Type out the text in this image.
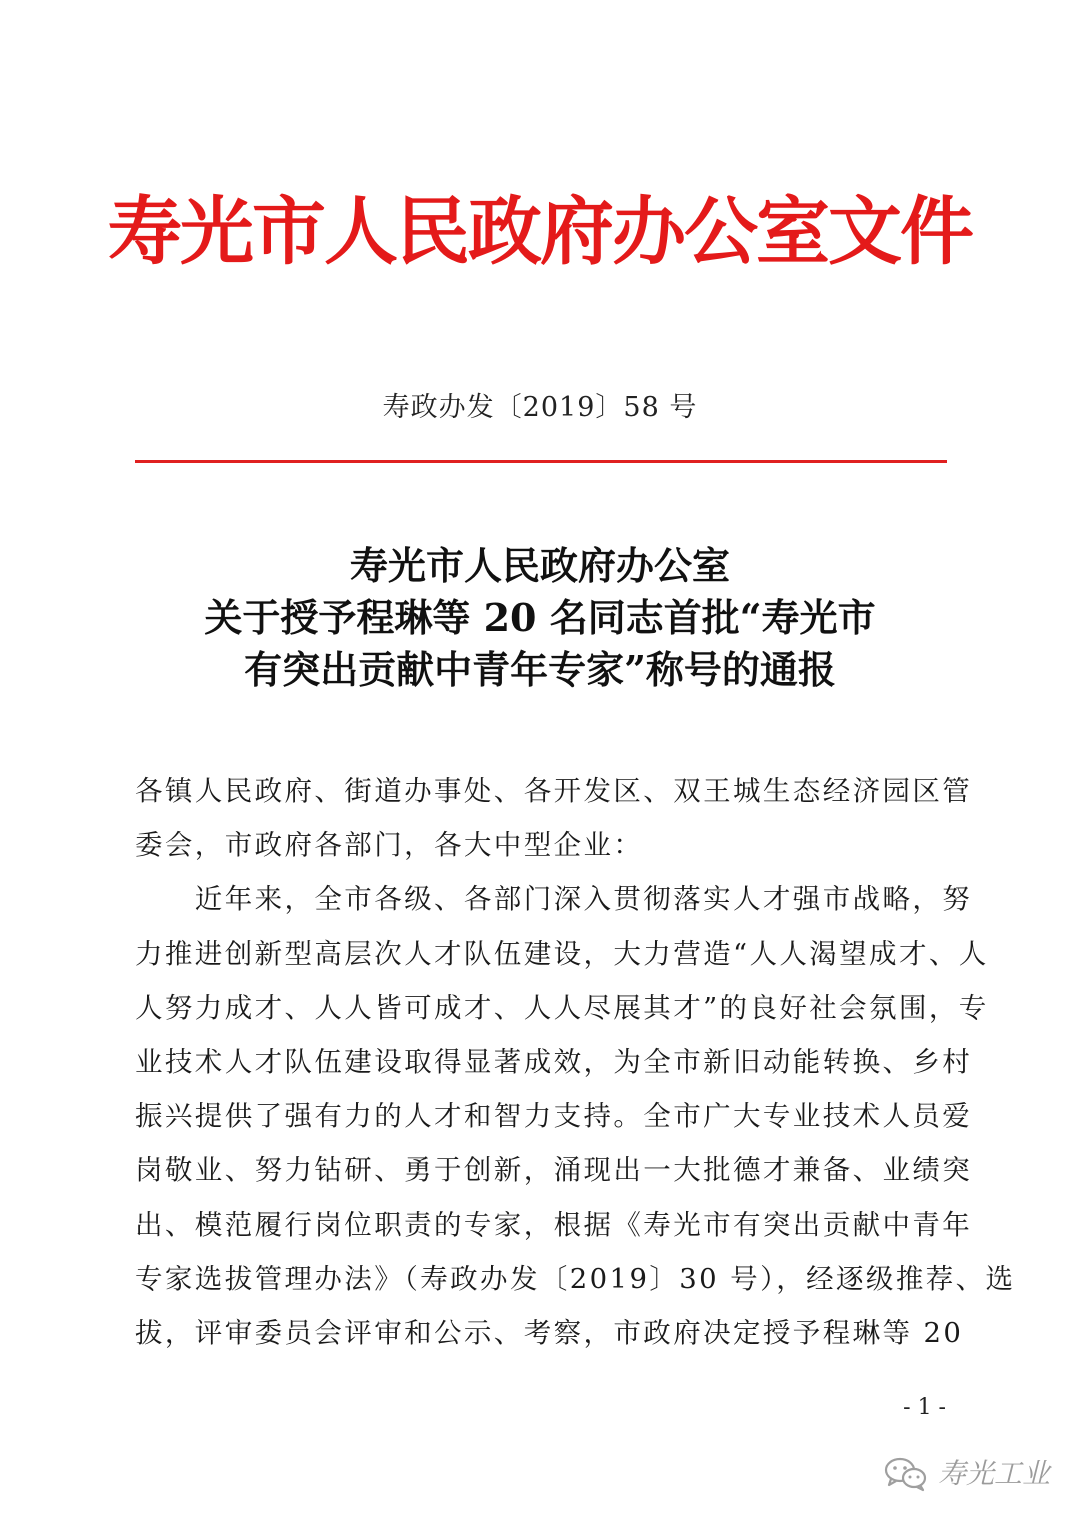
寿光市人民政府办公室文件
寿政办发〔2019〕58 号
寿光市人民政府办公室
关于授予程琳等 20 名同志首批“寿光市
有突出贡献中青年专家”称号的通报
各镇人民政府、街道办事处、各开发区、双王城生态经济园区管
委会，市政府各部门，各大中型企业：
　　近年来，全市各级、各部门深入贯彻落实人才强市战略，努
力推进创新型高层次人才队伍建设，大力营造“人人渴望成才、人
人努力成才、人人皆可成才、人人尽展其才”的良好社会氛围，专
业技术人才队伍建设取得显著成效，为全市新旧动能转换、乡村
振兴提供了强有力的人才和智力支持。全市广大专业技术人员爱
岗敬业、努力钻研、勇于创新，涌现出一大批德才兼备、业绩突
出、模范履行岗位职责的专家，根据《寿光市有突出贡献中青年
专家选拔管理办法》（寿政办发〔2019〕30 号），经逐级推荐、选
拔，评审委员会评审和公示、考察，市政府决定授予程琳等 20
- 1 -
寿光工业
